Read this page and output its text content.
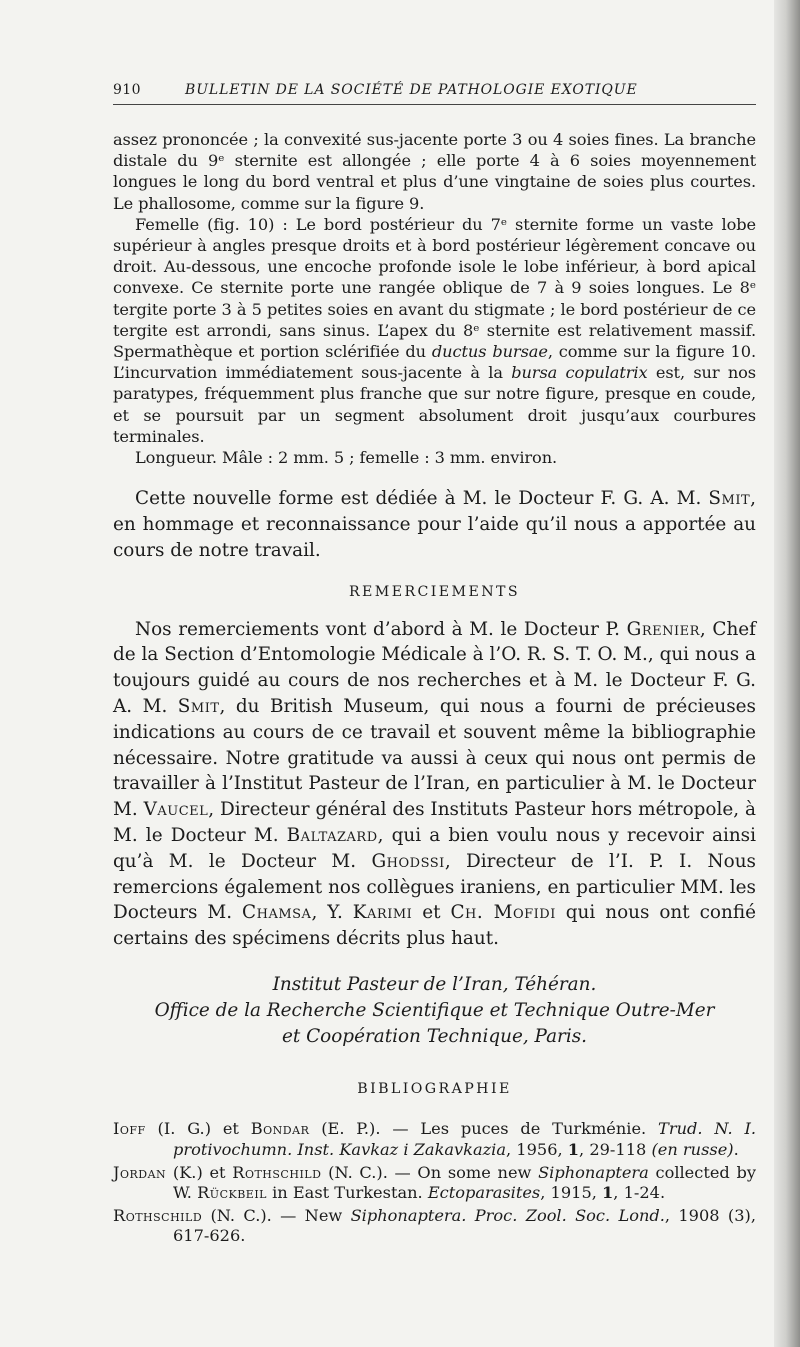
910	BULLETIN DE LA SOCIÉTÉ DE PATHOLOGIE EXOTIQUE

assez prononcée ; la convexité sus-jacente porte 3 ou 4 soies fines. La branche distale du 9ᵉ sternite est allongée ; elle porte 4 à 6 soies moyennement longues le long du bord ventral et plus d’une vingtaine de soies plus courtes. Le phallosome, comme sur la figure 9.

Femelle (fig. 10) : Le bord postérieur du 7ᵉ sternite forme un vaste lobe supérieur à angles presque droits et à bord postérieur légèrement concave ou droit. Au-dessous, une encoche profonde isole le lobe inférieur, à bord apical convexe. Ce sternite porte une rangée oblique de 7 à 9 soies longues. Le 8ᵉ tergite porte 3 à 5 petites soies en avant du stigmate ; le bord postérieur de ce tergite est arrondi, sans sinus. L’apex du 8ᵉ sternite est relativement massif. Spermathèque et portion sclérifiée du ductus bursae, comme sur la figure 10. L’incurvation immédiatement sous-jacente à la bursa copulatrix est, sur nos paratypes, fréquemment plus franche que sur notre figure, presque en coude, et se poursuit par un segment absolument droit jusqu’aux courbures terminales.

Longueur. Mâle : 2 mm. 5 ; femelle : 3 mm. environ.

Cette nouvelle forme est dédiée à M. le Docteur F. G. A. M. Smit, en hommage et reconnaissance pour l’aide qu’il nous a apportée au cours de notre travail.

REMERCIEMENTS

Nos remerciements vont d’abord à M. le Docteur P. Grenier, Chef de la Section d’Entomologie Médicale à l’O. R. S. T. O. M., qui nous a toujours guidé au cours de nos recherches et à M. le Docteur F. G. A. M. Smit, du British Museum, qui nous a fourni de précieuses indications au cours de ce travail et souvent même la bibliographie nécessaire. Notre gratitude va aussi à ceux qui nous ont permis de travailler à l’Institut Pasteur de l’Iran, en particulier à M. le Docteur M. Vaucel, Directeur général des Instituts Pasteur hors métropole, à M. le Docteur M. Baltazard, qui a bien voulu nous y recevoir ainsi qu’à M. le Docteur M. Ghodssi, Directeur de l’I. P. I. Nous remercions également nos collègues iraniens, en particulier MM. les Docteurs M. Chamsa, Y. Karimi et Ch. Mofidi qui nous ont confié certains des spécimens décrits plus haut.

Institut Pasteur de l’Iran, Téhéran.
Office de la Recherche Scientifique et Technique Outre-Mer
et Coopération Technique, Paris.
BIBLIOGRAPHIE

Ioff (I. G.) et Bondar (E. P.). — Les puces de Turkménie. Trud. N. I. protivochumn. Inst. Kavkaz i Zakavkazia, 1956, 1, 29-118 (en russe).

Jordan (K.) et Rothschild (N. C.). — On some new Siphonaptera collected by W. Rückbeil in East Turkestan. Ectoparasites, 1915, 1, 1-24.

Rothschild (N. C.). — New Siphonaptera. Proc. Zool. Soc. Lond., 1908 (3), 617-626.
